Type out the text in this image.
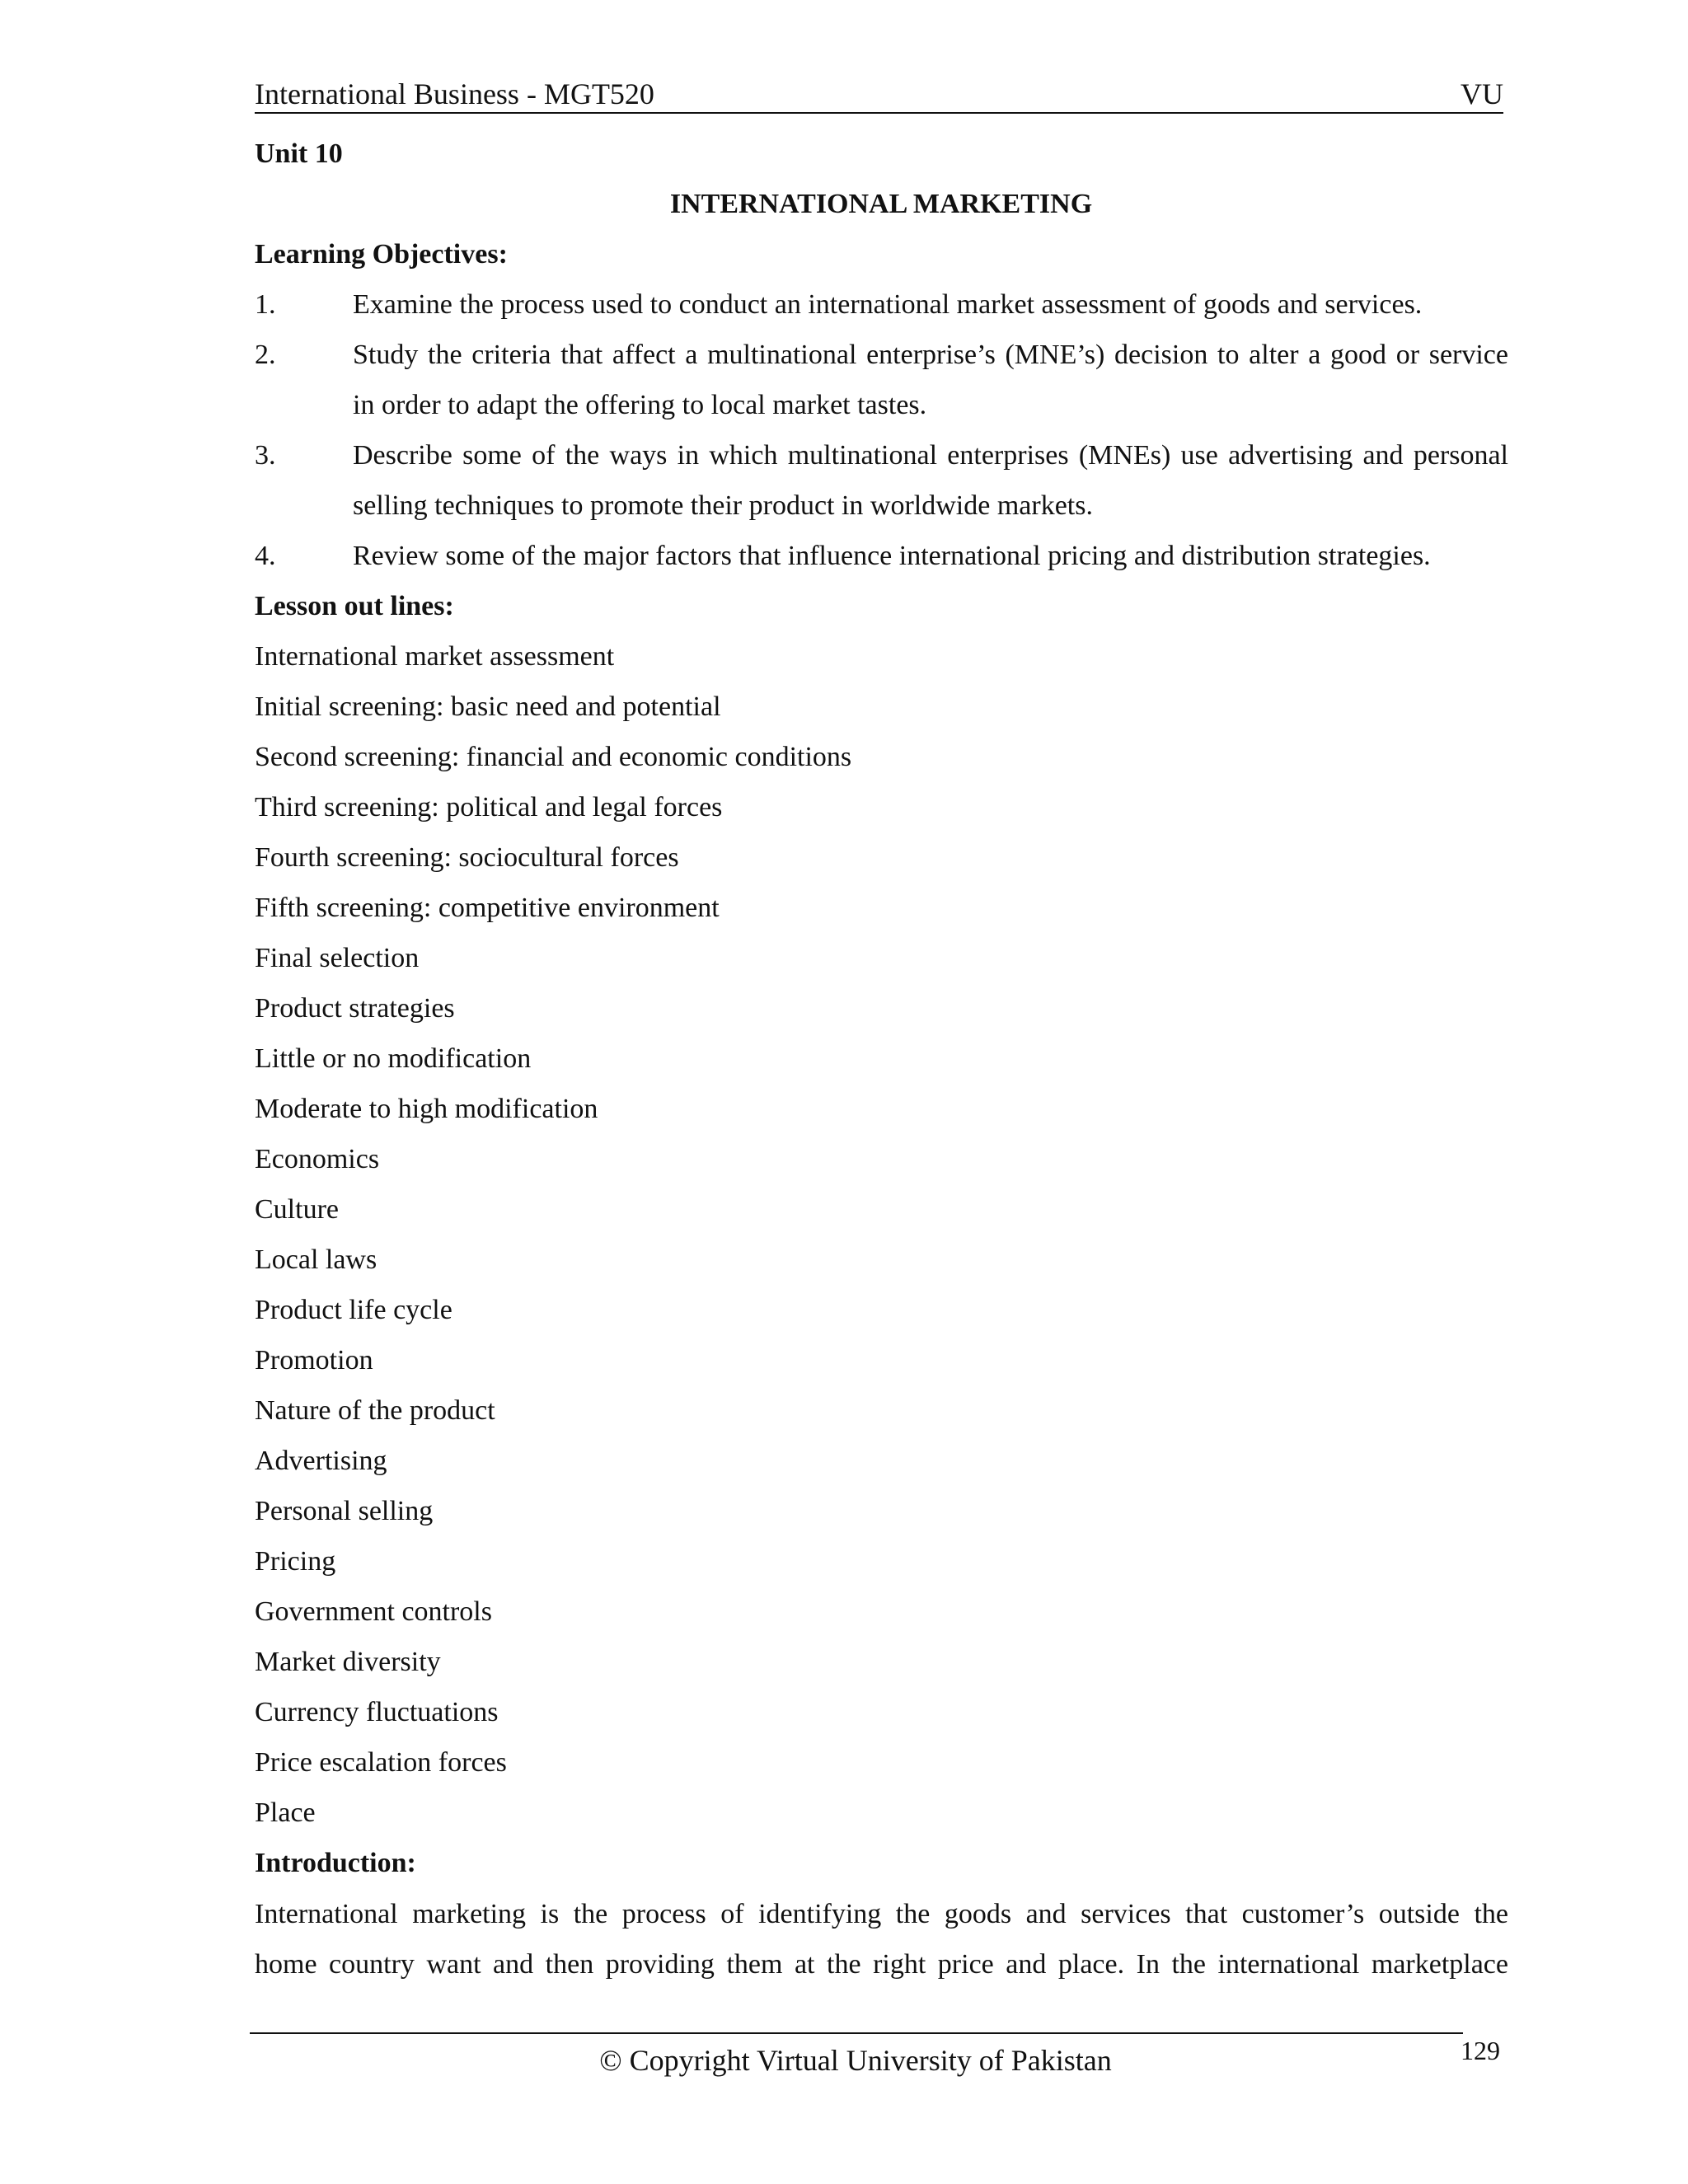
International Business - MGT520	VU
Unit 10
INTERNATIONAL MARKETING
Learning Objectives:
1.	Examine the process used to conduct an international market assessment of goods and services.
2.	Study the criteria that affect a multinational enterprise’s (MNE’s) decision to alter a good or service
in order to adapt the offering to local market tastes.
3.	Describe some of the ways in which multinational enterprises (MNEs) use advertising and personal
selling techniques to promote their product in worldwide markets.
4.	Review some of the major factors that influence international pricing and distribution strategies.
Lesson out lines:
International market assessment
Initial screening: basic need and potential
Second screening: financial and economic conditions
Third screening: political and legal forces
Fourth screening: sociocultural forces
Fifth screening: competitive environment
Final selection
Product strategies
Little or no modification
Moderate to high modification
Economics
Culture
Local laws
Product life cycle
Promotion
Nature of the product
Advertising
Personal selling
Pricing
Government controls
Market diversity
Currency fluctuations
Price escalation forces
Place
Introduction:
International marketing is the process of identifying the goods and services that customer’s outside the
home country want and then providing them at the right price and place. In the international marketplace
© Copyright Virtual University of Pakistan	129
